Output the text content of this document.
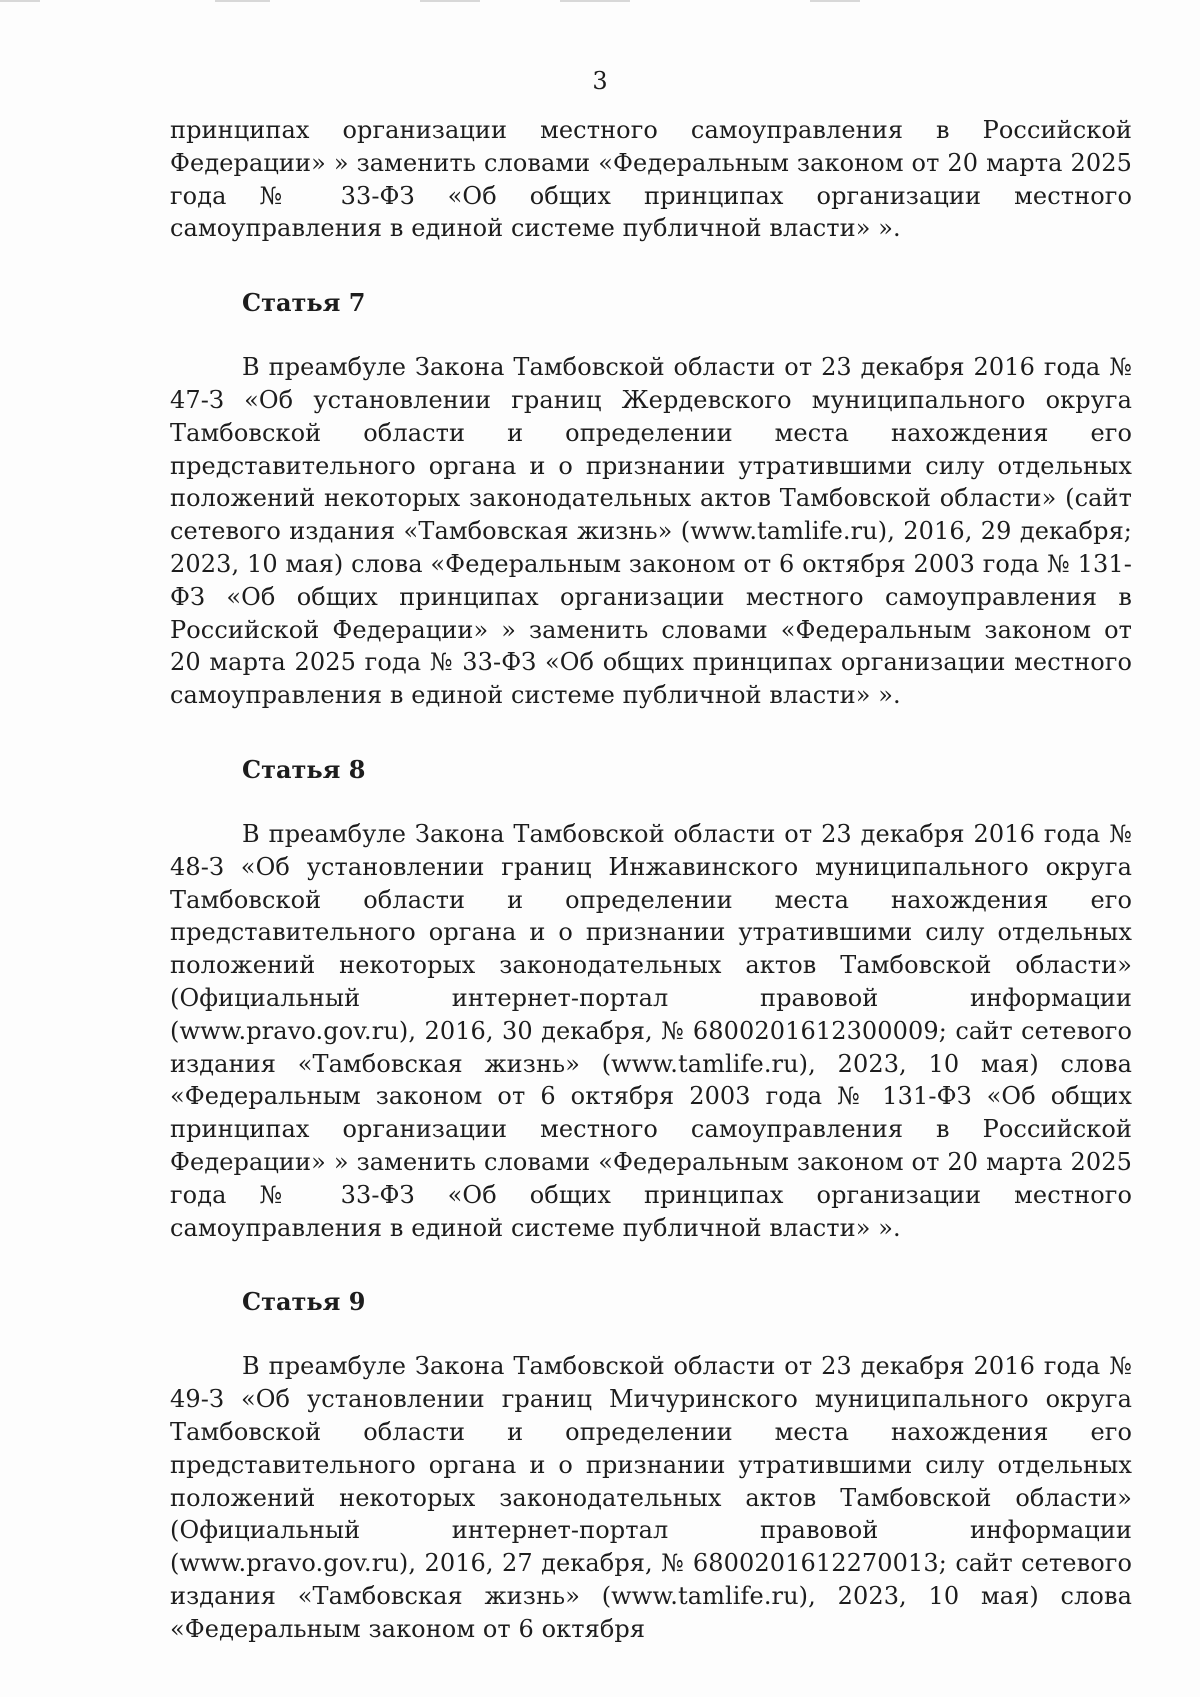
3

принципах организации местного самоуправления в Российской Федерации» » заменить словами «Федеральным законом от 20 марта 2025 года № 33-ФЗ «Об общих принципах организации местного самоуправления в единой системе публичной власти» ».

Статья 7

В преамбуле Закона Тамбовской области от 23 декабря 2016 года № 47-З «Об установлении границ Жердевского муниципального округа Тамбовской области и определении места нахождения его представительного органа и о признании утратившими силу отдельных положений некоторых законодательных актов Тамбовской области» (сайт сетевого издания «Тамбовская жизнь» (www.tamlife.ru), 2016, 29 декабря; 2023, 10 мая) слова «Федеральным законом от 6 октября 2003 года № 131-ФЗ «Об общих принципах организации местного самоуправления в Российской Федерации» » заменить словами «Федеральным законом от 20 марта 2025 года № 33-ФЗ «Об общих принципах организации местного самоуправления в единой системе публичной власти» ».

Статья 8

В преамбуле Закона Тамбовской области от 23 декабря 2016 года № 48-З «Об установлении границ Инжавинского муниципального округа Тамбовской области и определении места нахождения его представительного органа и о признании утратившими силу отдельных положений некоторых законодательных актов Тамбовской области» (Официальный интернет-портал правовой информации (www.pravo.gov.ru), 2016, 30 декабря, № 6800201612300009; сайт сетевого издания «Тамбовская жизнь» (www.tamlife.ru), 2023, 10 мая) слова «Федеральным законом от 6 октября 2003 года № 131-ФЗ «Об общих принципах организации местного самоуправления в Российской Федерации» » заменить словами «Федеральным законом от 20 марта 2025 года № 33-ФЗ «Об общих принципах организации местного самоуправления в единой системе публичной власти» ».

Статья 9

В преамбуле Закона Тамбовской области от 23 декабря 2016 года № 49-З «Об установлении границ Мичуринского муниципального округа Тамбовской области и определении места нахождения его представительного органа и о признании утратившими силу отдельных положений некоторых законодательных актов Тамбовской области» (Официальный интернет-портал правовой информации (www.pravo.gov.ru), 2016, 27 декабря, № 6800201612270013; сайт сетевого издания «Тамбовская жизнь» (www.tamlife.ru), 2023, 10 мая) слова «Федеральным законом от 6 октября
